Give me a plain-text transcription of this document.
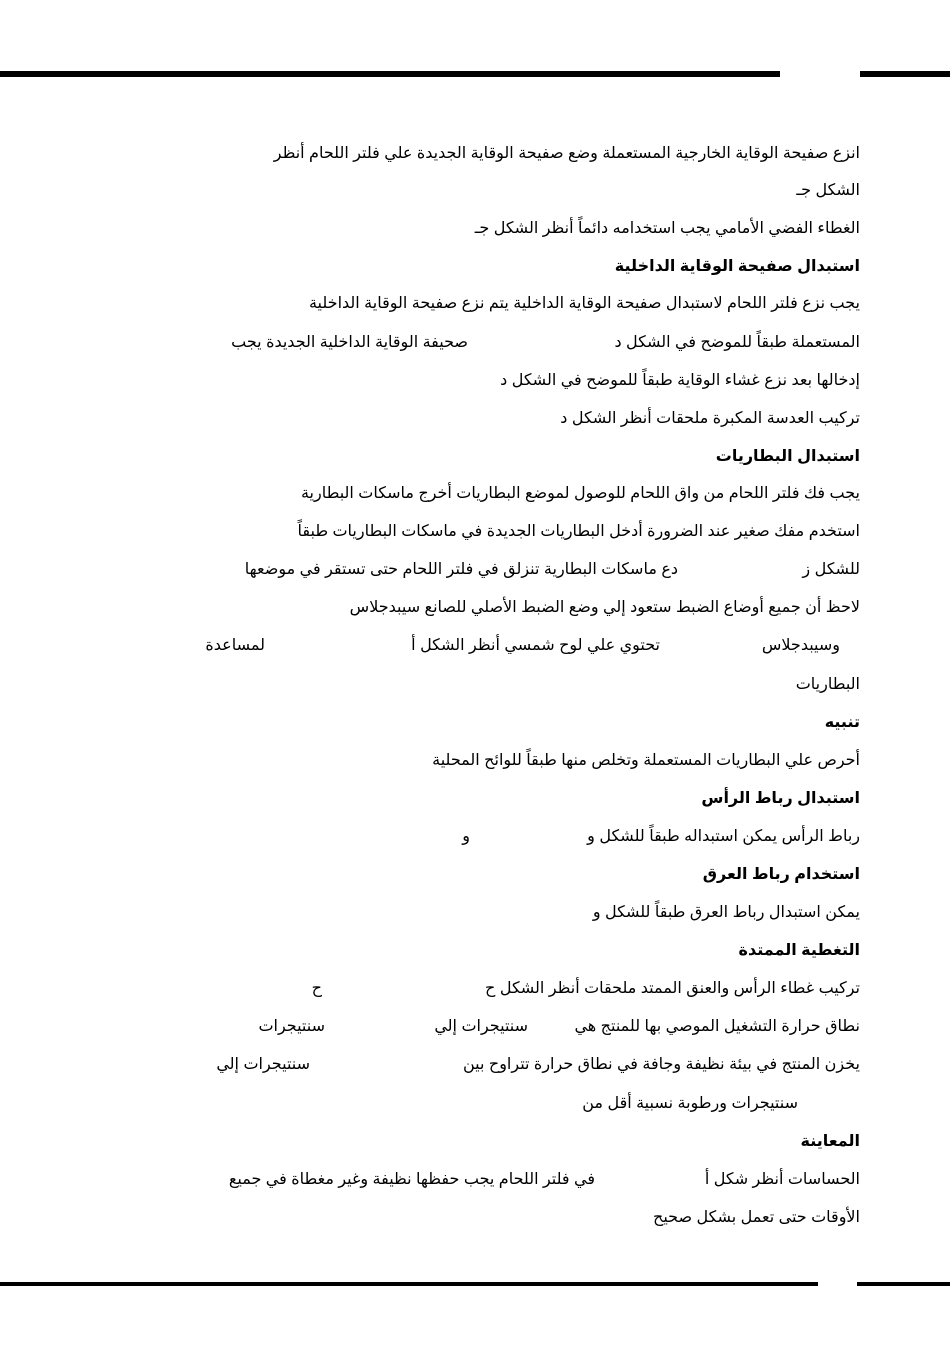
انزع صفيحة الوقاية الخارجية المستعملة وضع صفيحة الوقاية الجديدة علي فلتر اللحام أنظر
الشكل جـ
الغطاء الفضي الأمامي يجب استخدامه دائماً أنظر الشكل جـ
استبدال صفيحة الوقاية الداخلية
يجب نزع فلتر اللحام لاستبدال صفيحة الوقاية الداخلية يتم نزع صفيحة الوقاية الداخلية
المستعملة طبقاً للموضح في الشكل د
صحيفة الوقاية الداخلية الجديدة يجب
إدخالها بعد نزع غشاء الوقاية طبقاً للموضح في الشكل د
تركيب العدسة المكبرة ملحقات أنظر الشكل د
استبدال البطاريات
يجب فك فلتر اللحام من واق اللحام للوصول لموضع البطاريات أخرج ماسكات البطارية
استخدم مفك صغير عند الضرورة أدخل البطاريات الجديدة في ماسكات البطاريات طبقاً
للشكل ز
دع ماسكات البطارية تنزلق في فلتر اللحام حتى تستقر في موضعها
لاحظ أن جميع أوضاع الضبط ستعود إلي وضع الضبط الأصلي للصانع سيبدجلاس
وسيبدجلاس
تحتوي علي لوح شمسي أنظر الشكل أ
لمساعدة
البطاريات
تنبيه
أحرص علي البطاريات المستعملة وتخلص منها طبقاً للوائح المحلية
استبدال رباط الرأس
رباط الرأس يمكن استبداله طبقاً للشكل و
و
استخدام رباط العرق
يمكن استبدال رباط العرق طبقاً للشكل و
التغطية الممتدة
تركيب غطاء الرأس والعنق الممتد ملحقات أنظر الشكل ح
ح
نطاق حرارة التشغيل الموصي بها للمنتج هي
سنتيجرات إلي
سنتيجرات
يخزن المنتج في بيئة نظيفة وجافة في نطاق حرارة تتراوح بين
سنتيجرات إلي
سنتيجرات ورطوبة نسبية أقل من
المعاينة
الحساسات أنظر شكل أ
في فلتر اللحام يجب حفظها نظيفة وغير مغطاة في جميع
الأوقات حتى تعمل بشكل صحيح
